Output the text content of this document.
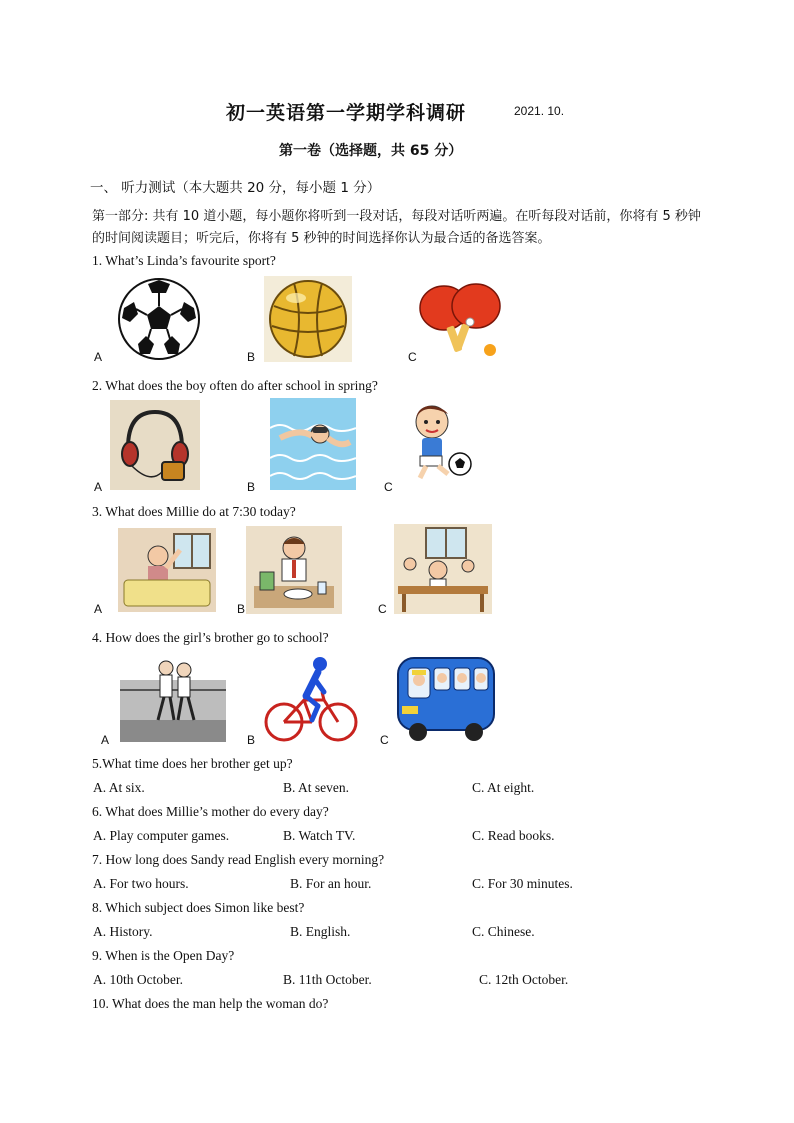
初一英语第一学期学科调研	2021. 10.
第一卷（选择题，共 65 分）
一、 听力测试（本大题共 20 分，每小题 1 分）
第一部分: 共有 10 道小题，每小题你将听到一段对话，每段对话听两遍。在听每段对话前，你将有 5 秒钟的时间阅读题目；听完后，你将有 5 秒钟的时间选择你认为最合适的备选答案。
1. What’s Linda’s favourite sport?
A	B	C
2. What does the boy often do after school in spring?
A	B	C
3. What does Millie do at 7:30 today?
A	B	C
4. How does the girl’s brother go to school?
A	B	C
5.What time does her brother get up?
A. At six.	B. At seven.	C. At eight.
6. What does Millie’s mother do every day?
A. Play computer games.	B. Watch TV.	C. Read books.
7. How long does Sandy read English every morning?
A. For two hours.	B. For an hour.	C. For 30 minutes.
8. Which subject does Simon like best?
A. History.	B. English.	C. Chinese.
9. When is the Open Day?
A. 10th October.	B. 11th October.	C. 12th October.
10. What does the man help the woman do?
